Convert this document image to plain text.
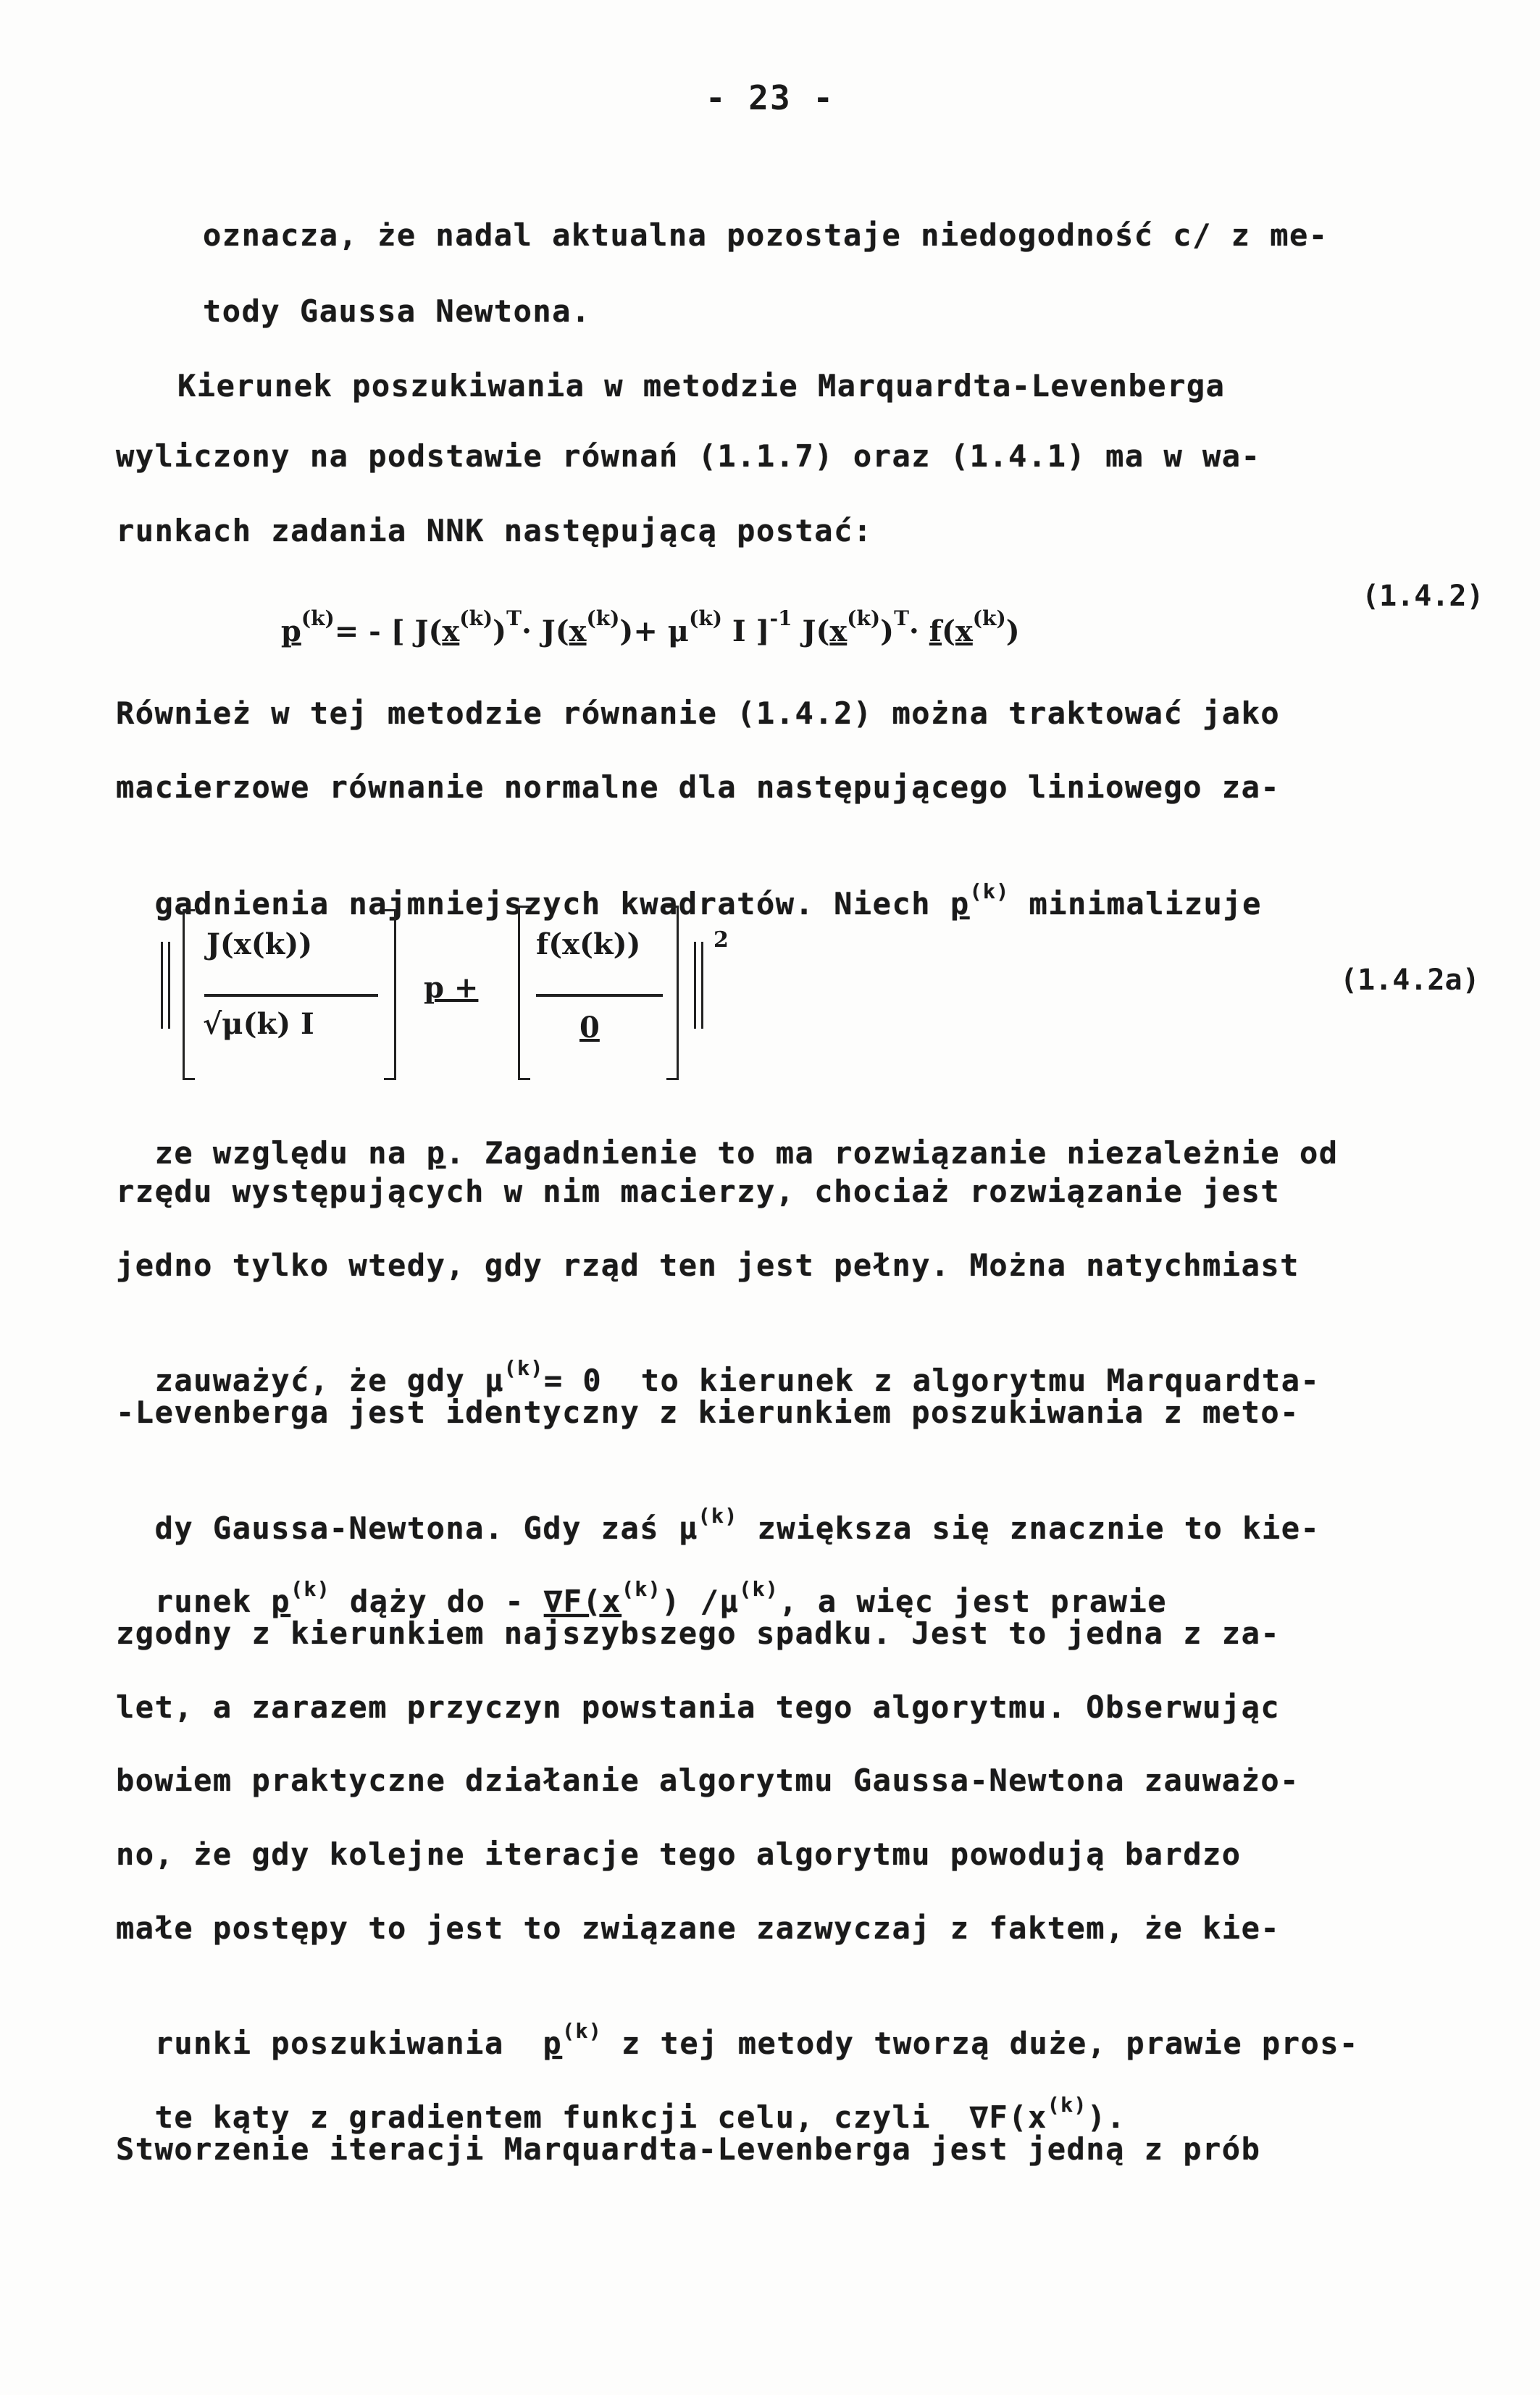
- 23 -
oznacza, że nadal aktualna pozostaje niedogodność c/ z me-
tody Gaussa Newtona.
Kierunek poszukiwania w metodzie Marquardta-Levenberga
wyliczony na podstawie równań (1.1.7) oraz (1.4.1) ma w wa-
runkach zadania NNK następującą postać:

$p^{(k)}=$ - [ $J(x^{(k)})^T\cdot J(x^{(k)})+ \mu^{(k)}$ I ]$^{-1}$ $J(x^{(k)})^T\cdot f(x^{(k)})$

(1.4.2)
Również w tej metodzie równanie (1.4.2) można traktować jako
macierzowe równanie normalne dla następującego liniowego za-

gadnienia najmniejszych kwadratów. Niech $p^{(k)}$ minimalizuje

J(x(k))
√μ(k) I
p +
f(x(k))
0
2
(1.4.2a)

ze względu na p. Zagadnienie to ma rozwiązanie niezależnie od

rzędu występujących w nim macierzy, chociaż rozwiązanie jest
jedno tylko wtedy, gdy rząd ten jest pełny. Można natychmiast

zauważyć, że gdy $\mu^{(k)}= 0$  to kierunek z algorytmu Marquardta-

-Levenberga jest identyczny z kierunkiem poszukiwania z meto-

dy Gaussa-Newtona. Gdy zaś $\mu^{(k)}$ zwiększa się znacznie to kie-

runek $p^{(k)}$ dąży do - $\nabla F(x^{(k)})$ $/\mu^{(k)}$, a więc jest prawie

zgodny z kierunkiem najszybszego spadku. Jest to jedna z za-
let, a zarazem przyczyn powstania tego algorytmu. Obserwując
bowiem praktyczne działanie algorytmu Gaussa-Newtona zauważo-
no, że gdy kolejne iteracje tego algorytmu powodują bardzo
małe postępy to jest to związane zazwyczaj z faktem, że kie-

runki poszukiwania  $p^{(k)}$ z tej metody tworzą duże, prawie pros-

te kąty z gradientem funkcji celu, czyli  $\nabla F(x^{(k)})$.

Stworzenie iteracji Marquardta-Levenberga jest jedną z prób
